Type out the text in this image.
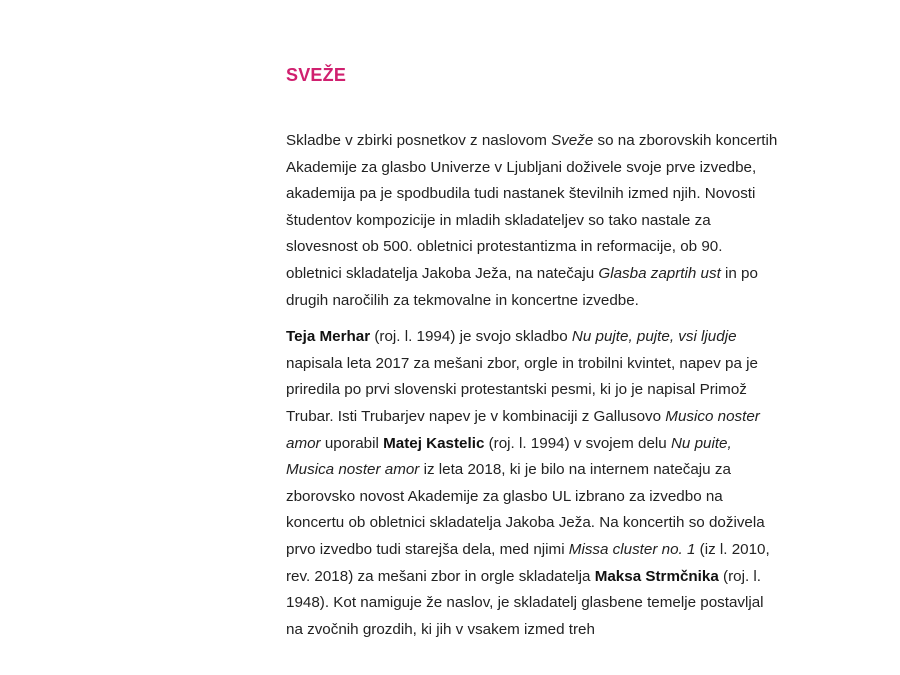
SVEŽE

Skladbe v zbirki posnetkov z naslovom Sveže so na zborovskih koncertih Akademije za glasbo Univerze v Ljubljani doživele svoje prve izvedbe, akademija pa je spodbudila tudi nastanek številnih izmed njih. Novosti študentov kompozicije in mladih skladateljev so tako nastale za slovesnost ob 500. obletnici protestantizma in reformacije, ob 90. obletnici skladatelja Jakoba Ježa, na natečaju Glasba zaprtih ust in po drugih naročilih za tekmovalne in koncertne izvedbe.

Teja Merhar (roj. l. 1994) je svojo skladbo Nu pujte, pujte, vsi ljudje napisala leta 2017 za mešani zbor, orgle in trobilni kvintet, napev pa je priredila po prvi slovenski protestantski pesmi, ki jo je napisal Primož Trubar. Isti Trubarjev napev je v kombinaciji z Gallusovo Musico noster amor uporabil Matej Kastelic (roj. l. 1994) v svojem delu Nu puite, Musica noster amor iz leta 2018, ki je bilo na internem natečaju za zborovsko novost Akademije za glasbo UL izbrano za izvedbo na koncertu ob obletnici skladatelja Jakoba Ježa. Na koncertih so doživela prvo izvedbo tudi starejša dela, med njimi Missa cluster no. 1 (iz l. 2010, rev. 2018) za mešani zbor in orgle skladatelja Maksa Strmčnika (roj. l. 1948). Kot namiguje že naslov, je skladatelj glasbene temelje postavljal na zvočnih grozdih, ki jih v vsakem izmed treh
